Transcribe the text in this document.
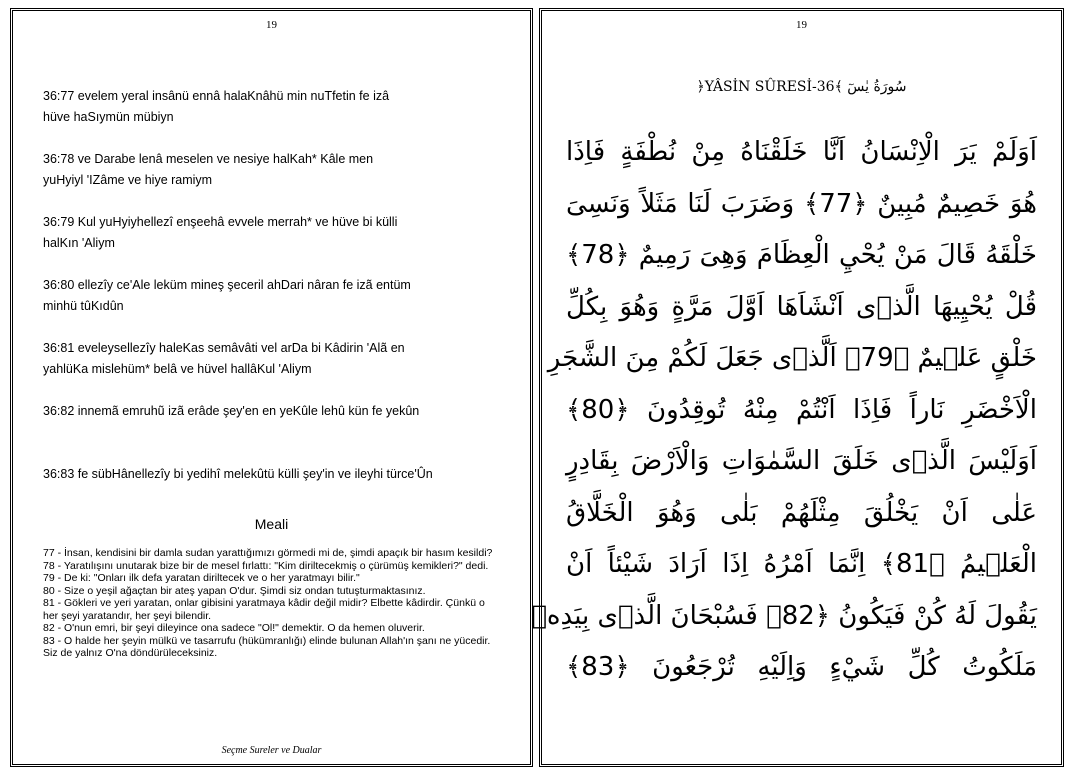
19
36:77 evelem yeral insânü ennâ halaKnâhü min nuTfetin fe izâ
hüve haSıymün mübiyn
36:78 ve Darabe lenâ meselen ve nesiye halKah* Kâle men
yuHyiyl 'IZâme ve hiye ramiym
36:79 Kul yuHyiyhellezî enşeehâ evvele merrah* ve hüve bi külli
halKın 'Aliym
36:80 ellezîy ce'Ale leküm mineş şeceril ahDari nâran fe izã entüm
minhü tûKıdûn
36:81 eveleysellezîy haleKas semâvâti vel arDa bi Kâdirin 'Alã en
yahlüKa mislehüm* belâ ve hüvel hallâKul 'Aliym
36:82 innemã emruhũ izã erâde şey'en en yeKûle lehû kün fe yekûn
36:83 fe sübHânellezîy bi yedihî melekûtü külli şey'in ve ileyhi türce'Ûn
Meali

77 - İnsan, kendisini bir damla sudan yarattığımızı görmedi mi de, şimdi apaçık bir hasım kesildi?

78 - Yaratılışını unutarak bize bir de mesel fırlattı: "Kim diriltecekmiş o çürümüş kemikleri?" dedi.

79 - De ki: "Onları ilk defa yaratan diriltecek ve o her yaratmayı bilir."

80 - Size o yeşil ağaçtan bir ateş yapan O'dur. Şimdi siz ondan tutuşturmaktasınız.

81 - Gökleri ve yeri yaratan, onlar gibisini yaratmaya kâdir değil midir? Elbette kâdirdir. Çünkü o her şeyi yaratandır, her şeyi bilendir.

82 - O'nun emri, bir şeyi dileyince ona sadece "Ol!" demektir. O da hemen oluverir.

83 - O halde her şeyin mülkü ve tasarrufu (hükümranlığı) elinde bulunan Allah'ın şanı ne yücedir. Siz de yalnız O'na döndürüleceksiniz.

Seçme Sureler ve Dualar
19
﴿YÂSİN SÛRESİ-36﴾ سُورَةُ يٰسٓ
اَوَلَمْ يَرَ الْاِنْسَانُ اَنَّا خَلَقْنَاهُ مِنْ نُطْفَةٍ فَاِذَا
هُوَ خَصِيمٌ مُبِينٌ ﴿77﴾ وَضَرَبَ لَنَا مَثَلاً وَنَسِىَ
خَلْقَهُ قَالَ مَنْ يُحْيِ الْعِظَامَ وَهِىَ رَمِيمٌ ﴿78﴾
قُلْ يُحْيِيهَا الَّذٖى اَنْشَاَهَا اَوَّلَ مَرَّةٍ وَهُوَ بِكُلِّ
خَلْقٍ عَلٖيمٌ ﴿79﴾ اَلَّذٖى جَعَلَ لَكُمْ مِنَ الشَّجَرِ
الْاَخْضَرِ نَاراً فَاِذَا اَنْتُمْ مِنْهُ تُوقِدُونَ ﴿80﴾
اَوَلَيْسَ الَّذٖى خَلَقَ السَّمٰوَاتِ وَالْاَرْضَ بِقَادِرٍ
عَلٰى اَنْ يَخْلُقَ مِثْلَهُمْ بَلٰى وَهُوَ الْخَلَّاقُ
الْعَلٖيمُ ﴿81﴾ اِنَّمَا اَمْرُهُ اِذَا اَرَادَ شَيْئاً اَنْ
يَقُولَ لَهُ كُنْ فَيَكُونُ ﴿82﴾ فَسُبْحَانَ الَّذٖى بِيَدِهٖ
مَلَكُوتُ كُلِّ شَيْءٍ وَاِلَيْهِ تُرْجَعُونَ ﴿83﴾
